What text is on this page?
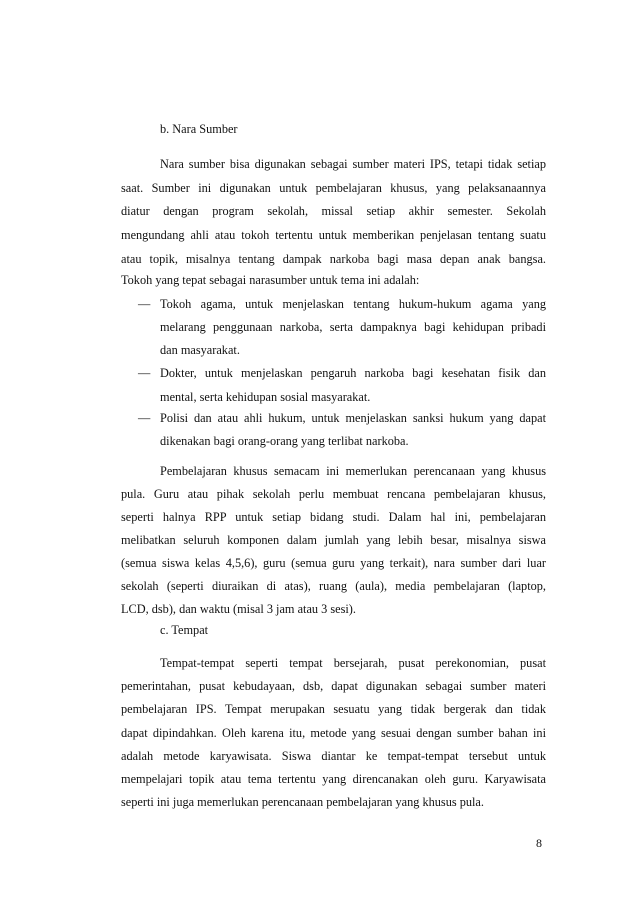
b. Nara Sumber
Nara sumber bisa digunakan sebagai sumber materi IPS, tetapi tidak setiap
saat. Sumber ini digunakan untuk pembelajaran khusus, yang pelaksanaannya
diatur dengan program sekolah, missal setiap akhir semester. Sekolah
mengundang ahli atau tokoh tertentu untuk memberikan penjelasan tentang suatu
atau topik, misalnya tentang dampak narkoba bagi masa depan anak bangsa.
Tokoh yang tepat sebagai narasumber untuk tema ini adalah:
— Tokoh agama, untuk menjelaskan tentang hukum-hukum agama yang
melarang penggunaan narkoba, serta dampaknya bagi kehidupan pribadi
dan masyarakat.
— Dokter, untuk menjelaskan pengaruh narkoba bagi kesehatan fisik dan
mental, serta kehidupan sosial masyarakat.
— Polisi dan atau ahli hukum, untuk menjelaskan sanksi hukum yang dapat
dikenakan bagi orang-orang yang terlibat narkoba.
Pembelajaran khusus semacam ini memerlukan perencanaan yang khusus
pula. Guru atau pihak sekolah perlu membuat rencana pembelajaran khusus,
seperti halnya RPP untuk setiap bidang studi. Dalam hal ini, pembelajaran
melibatkan seluruh komponen dalam jumlah yang lebih besar, misalnya siswa
(semua siswa kelas 4,5,6), guru (semua guru yang terkait), nara sumber dari luar
sekolah (seperti diuraikan di atas), ruang (aula), media pembelajaran (laptop,
LCD, dsb), dan waktu (misal 3 jam atau 3 sesi).
c. Tempat
Tempat-tempat seperti tempat bersejarah, pusat perekonomian, pusat
pemerintahan, pusat kebudayaan, dsb, dapat digunakan sebagai sumber materi
pembelajaran IPS. Tempat merupakan sesuatu yang tidak bergerak dan tidak
dapat dipindahkan. Oleh karena itu, metode yang sesuai dengan sumber bahan ini
adalah metode karyawisata. Siswa diantar ke tempat-tempat tersebut untuk
mempelajari topik atau tema tertentu yang direncanakan oleh guru. Karyawisata
seperti ini juga memerlukan perencanaan pembelajaran yang khusus pula.
8
